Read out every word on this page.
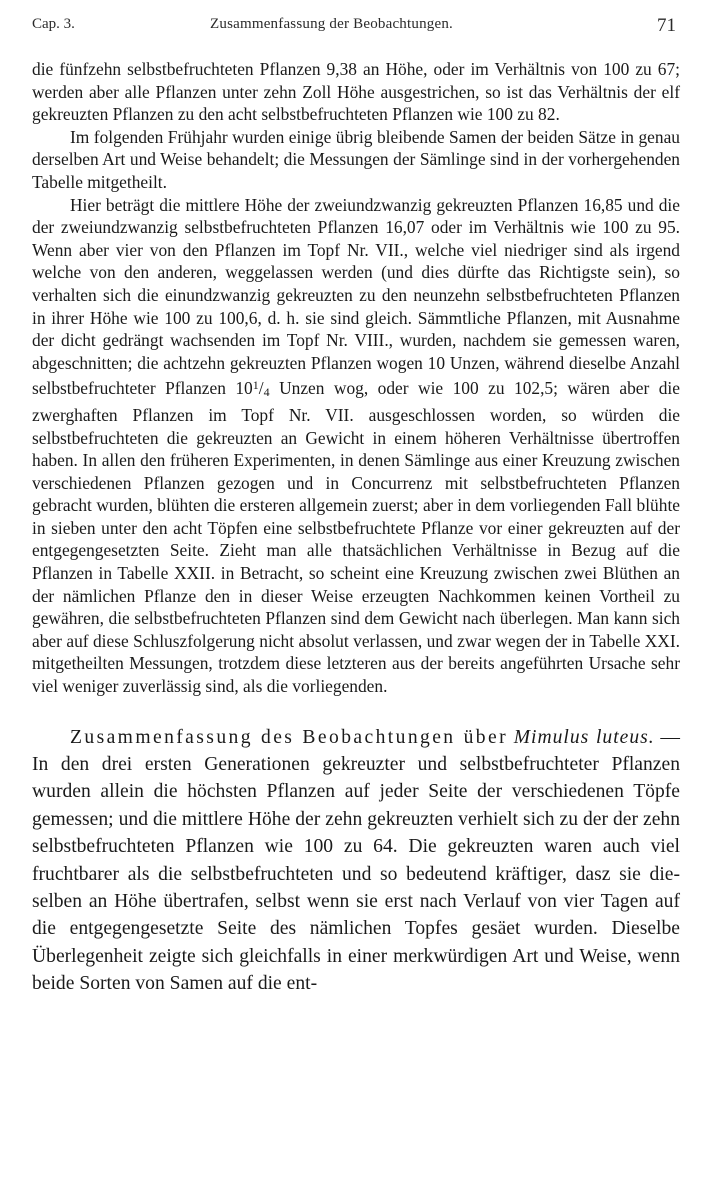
Cap. 3.	Zusammenfassung der Beobachtungen.	71

die fünfzehn selbstbefruchteten Pflanzen 9,38 an Höhe, oder im Verhältnis von 100 zu 67; werden aber alle Pflanzen unter zehn Zoll Höhe ausgestrichen, so ist das Verhältnis der elf gekreuzten Pflanzen zu den acht selbstbefruchteten Pflanzen wie 100 zu 82.

Im folgenden Frühjahr wurden einige übrig bleibende Samen der beiden Sätze in genau derselben Art und Weise behandelt; die Messungen der Sämlinge sind in der vorhergehenden Tabelle mitgetheilt.

Hier beträgt die mittlere Höhe der zweiundzwanzig gekreuzten Pflanzen 16,85 und die der zweiundzwanzig selbstbefruchteten Pflanzen 16,07 oder im Verhältnis wie 100 zu 95. Wenn aber vier von den Pflanzen im Topf Nr. VII., welche viel niedriger sind als irgend welche von den anderen, weggelassen werden (und dies dürfte das Richtigste sein), so verhalten sich die einundzwanzig gekreuzten zu den neunzehn selbstbefruchteten Pflanzen in ihrer Höhe wie 100 zu 100,6, d. h. sie sind gleich. Sämmtliche Pflanzen, mit Ausnahme der dicht gedrängt wachsenden im Topf Nr. VIII., wurden, nachdem sie gemessen waren, abgeschnitten; die achtzehn gekreuzten Pflanzen wogen 10 Unzen, während dieselbe Anzahl selbstbefruchteter Pflanzen $10^1/4$ Unzen wog, oder wie 100 zu 102,5; wären aber die zwerghaften Pflanzen im Topf Nr. VII. ausgeschlossen worden, so würden die selbstbefruchteten die gekreuzten an Gewicht in einem höheren Verhältnisse übertroffen haben. In allen den früheren Experimenten, in denen Sämlinge aus einer Kreuzung zwischen verschiedenen Pflanzen gezogen und in Concurrenz mit selbstbefruchteten Pflanzen gebracht wurden, blühten die ersteren allgemein zuerst; aber in dem vorliegenden Fall blühte in sieben unter den acht Töpfen eine selbstbefruchtete Pflanze vor einer gekreuzten auf der entgegengesetzten Seite. Zieht man alle thatsächlichen Verhältnisse in Bezug auf die Pflanzen in Tabelle XXII. in Betracht, so scheint eine Kreuzung zwischen zwei Blüthen an der nämlichen Pflanze den in dieser Weise erzeugten Nachkommen keinen Vortheil zu gewähren, die selbstbefruchteten Pflanzen sind dem Gewicht nach überlegen. Man kann sich aber auf diese Schluszfolgerung nicht absolut verlassen, und zwar wegen der in Tabelle XXI. mitgetheilten Messungen, trotzdem diese letzteren aus der bereits angeführten Ursache sehr viel weniger zuverlässig sind, als die vorliegenden.

Zusammenfassung des Beobachtungen über Mimulus luteus. — In den drei ersten Generationen gekreuzter und selbstbefruchteter Pflanzen wurden allein die höchsten Pflanzen auf jeder Seite der verschiedenen Töpfe gemessen; und die mittlere Höhe der zehn gekreuzten verhielt sich zu der der zehn selbstbefruchteten Pflanzen wie 100 zu 64. Die gekreuzten waren auch viel fruchtbarer als die selbstbefruchteten und so bedeutend kräftiger, dasz sie dieselben an Höhe übertrafen, selbst wenn sie erst nach Verlauf von vier Tagen auf die entgegengesetzte Seite des nämlichen Topfes gesäet wurden. Dieselbe Überlegenheit zeigte sich gleichfalls in einer merkwürdigen Art und Weise, wenn beide Sorten von Samen auf die ent-
